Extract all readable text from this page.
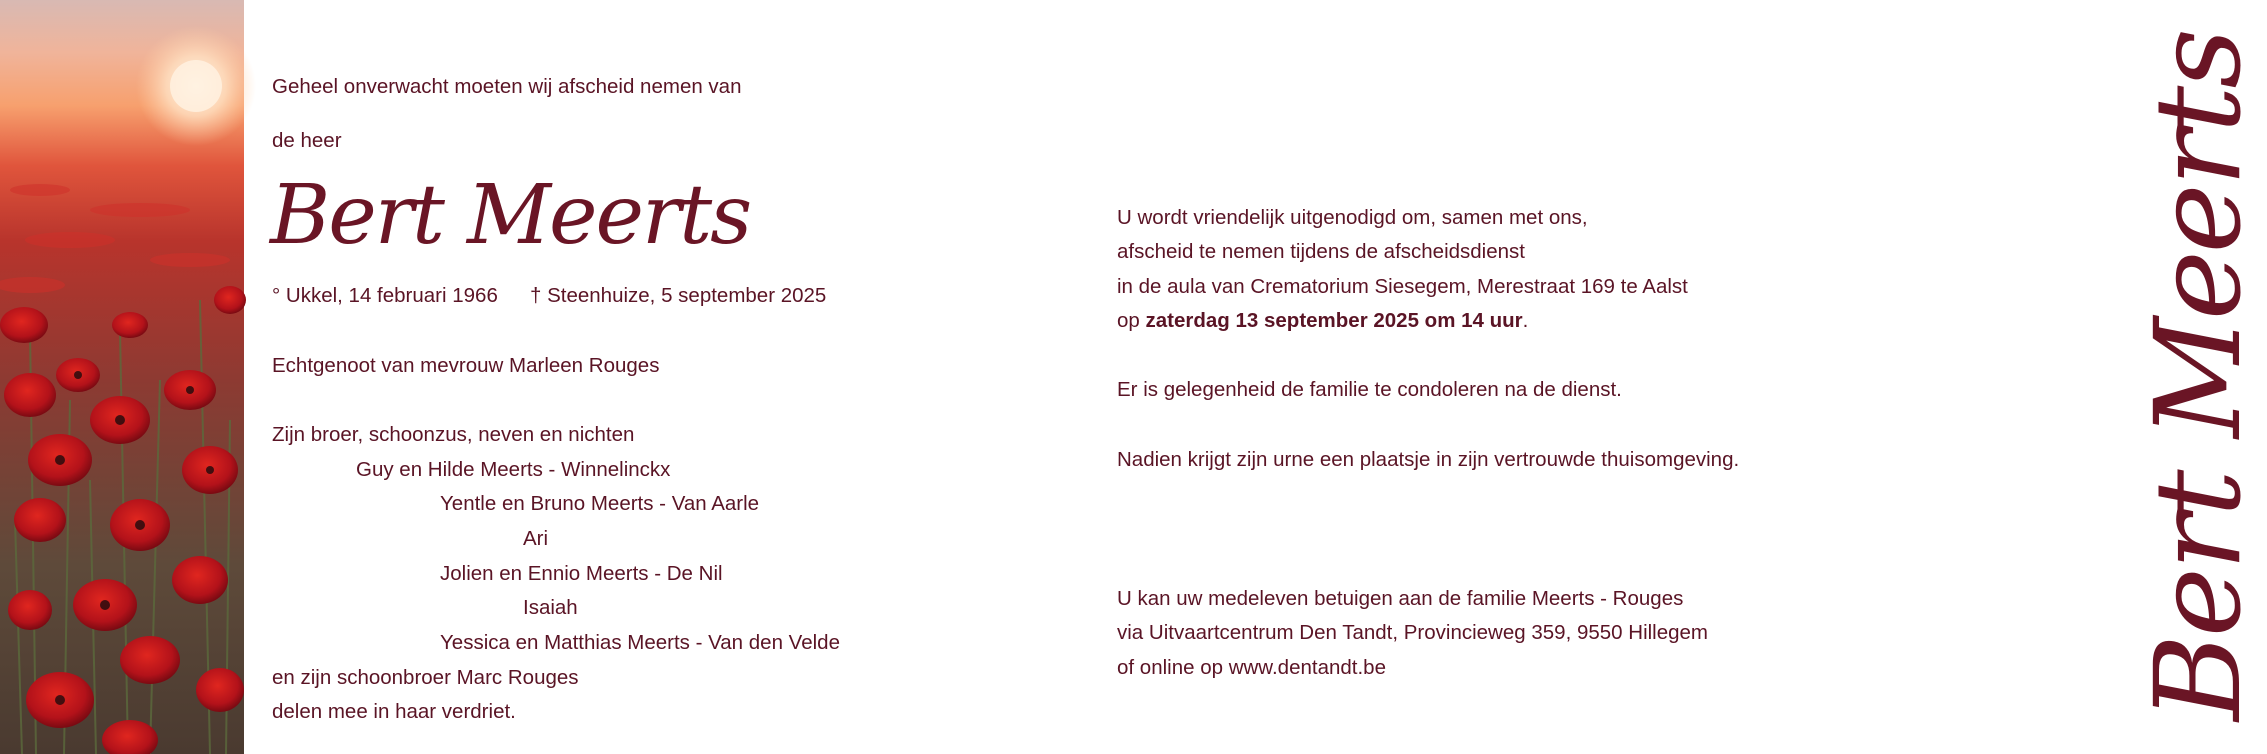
Geheel onverwacht moeten wij afscheid nemen van
de heer
Bert Meerts
° Ukkel, 14 februari 1966 † Steenhuize, 5 september 2025
Echtgenoot van mevrouw Marleen Rouges
Zijn broer, schoonzus, neven en nichten
Guy en Hilde Meerts - Winnelinckx
Yentle en Bruno Meerts - Van Aarle
Ari
Jolien en Ennio Meerts - De Nil
Isaiah
Yessica en Matthias Meerts - Van den Velde
en zijn schoonbroer Marc Rouges
delen mee in haar verdriet.
U wordt vriendelijk uitgenodigd om, samen met ons,
afscheid te nemen tijdens de afscheidsdienst
in de aula van Crematorium Siesegem, Merestraat 169 te Aalst
op zaterdag 13 september 2025 om 14 uur.
Er is gelegenheid de familie te condoleren na de dienst.
Nadien krijgt zijn urne een plaatsje in zijn vertrouwde thuisomgeving.
U kan uw medeleven betuigen aan de familie Meerts - Rouges
via Uitvaartcentrum Den Tandt, Provincieweg 359, 9550 Hillegem
of online op www.dentandt.be	Bert Meerts
